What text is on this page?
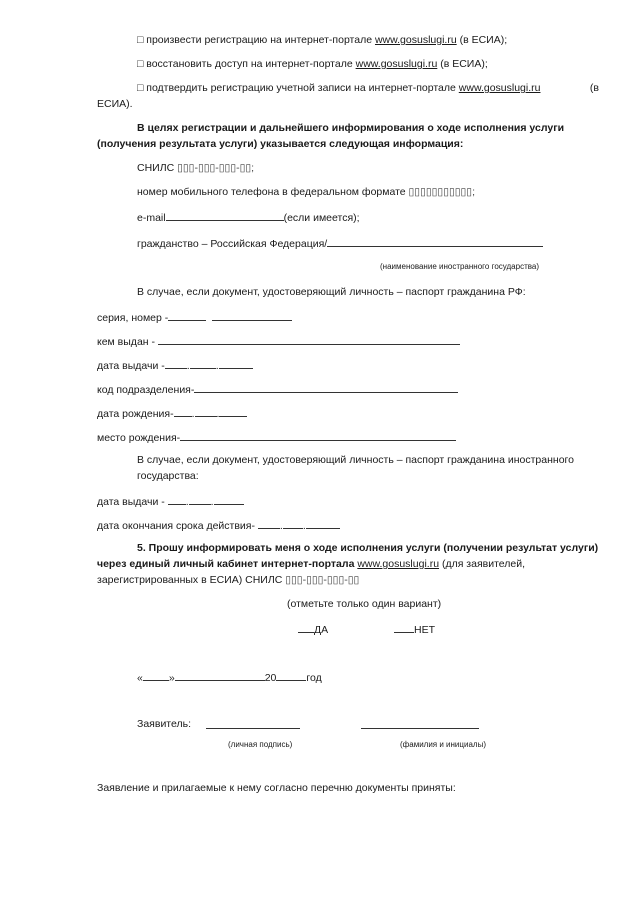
□ произвести регистрацию на интернет-портале www.gosuslugi.ru (в ЕСИА);
□ восстановить доступ на интернет-портале www.gosuslugi.ru (в ЕСИА);
□ подтвердить регистрацию учетной записи на интернет-портале www.gosuslugi.ru	(в
ЕСИА).
В целях регистрации и дальнейшего информирования о ходе исполнения услуги
(получения результата услуги) указывается следующая информация:
СНИЛС ▯▯▯-▯▯▯-▯▯▯-▯▯;
номер мобильного телефона в федеральном формате ▯▯▯▯▯▯▯▯▯▯▯;
e-mail	(если имеется);
гражданство – Российская Федерация/
(наименование иностранного государства)
В случае, если документ, удостоверяющий личность – паспорт гражданина РФ:
серия, номер -
кем выдан -
дата выдачи - . .
код подразделения-
дата рождения- . .
место рождения-
В случае, если документ, удостоверяющий личность – паспорт гражданина иностранного
государства:
дата выдачи - . .
дата окончания срока действия- . .
5. Прошу информировать меня о ходе исполнения услуги (получении результат услуги)
через единый личный кабинет интернет-портала www.gosuslugi.ru (для заявителей,
зарегистрированных в ЕСИА) СНИЛС ▯▯▯-▯▯▯-▯▯▯-▯▯
(отметьте только один вариант)
ДА	НЕТ
« »	20	год
Заявитель:
(личная подпись)	(фамилия и инициалы)
Заявление и прилагаемые к нему согласно перечню документы приняты:
